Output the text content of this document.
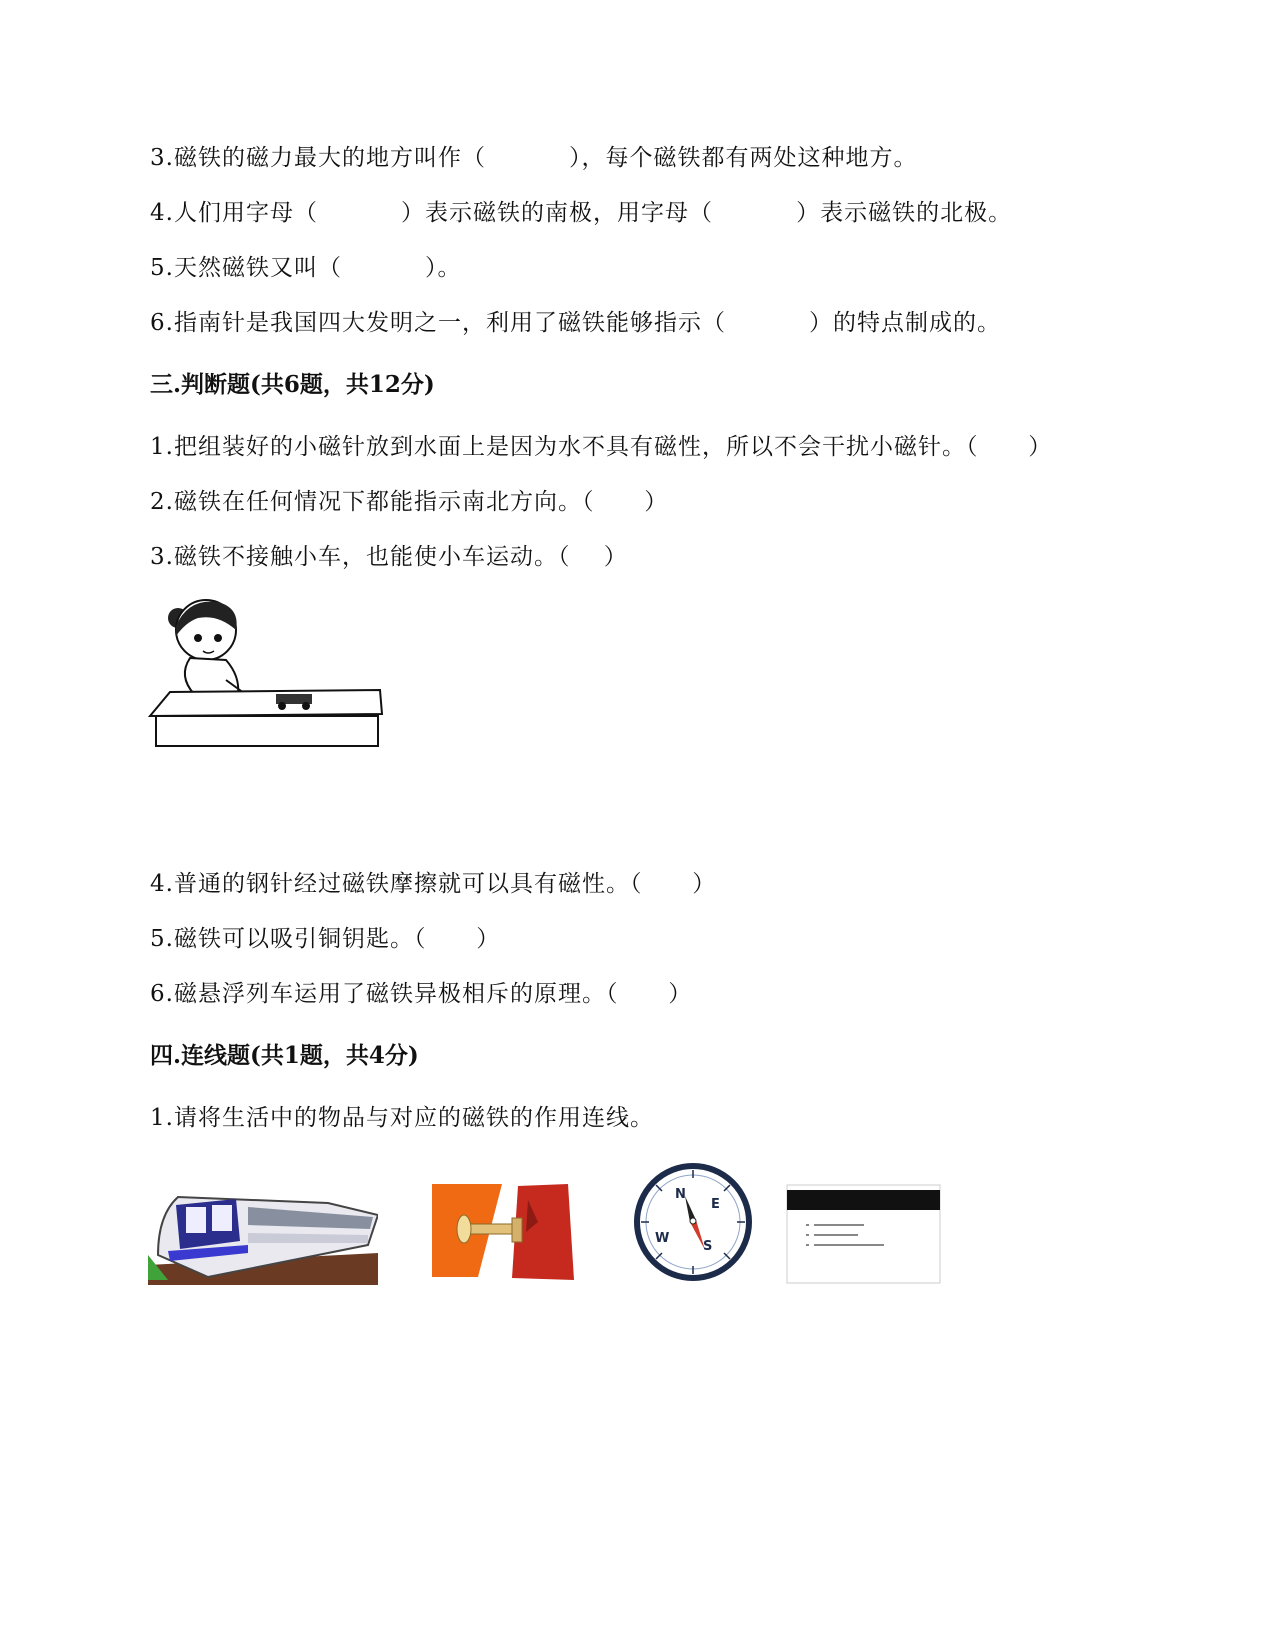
3.磁铁的磁力最大的地方叫作（          ），每个磁铁都有两处这种地方。
4.人们用字母（          ）表示磁铁的南极，用字母（          ）表示磁铁的北极。
5.天然磁铁又叫（          ）。
6.指南针是我国四大发明之一，利用了磁铁能够指示（          ）的特点制成的。
三.判断题(共6题，共12分)
1.把组装好的小磁针放到水面上是因为水不具有磁性，所以不会干扰小磁针。（      ）
2.磁铁在任何情况下都能指示南北方向。（      ）
3.磁铁不接触小车，也能使小车运动。（    ）
4.普通的钢针经过磁铁摩擦就可以具有磁性。（      ）
5.磁铁可以吸引铜钥匙。（      ）
6.磁悬浮列车运用了磁铁异极相斥的原理。（      ）
四.连线题(共1题，共4分)
1.请将生活中的物品与对应的磁铁的作用连线。
N
E
S
W
